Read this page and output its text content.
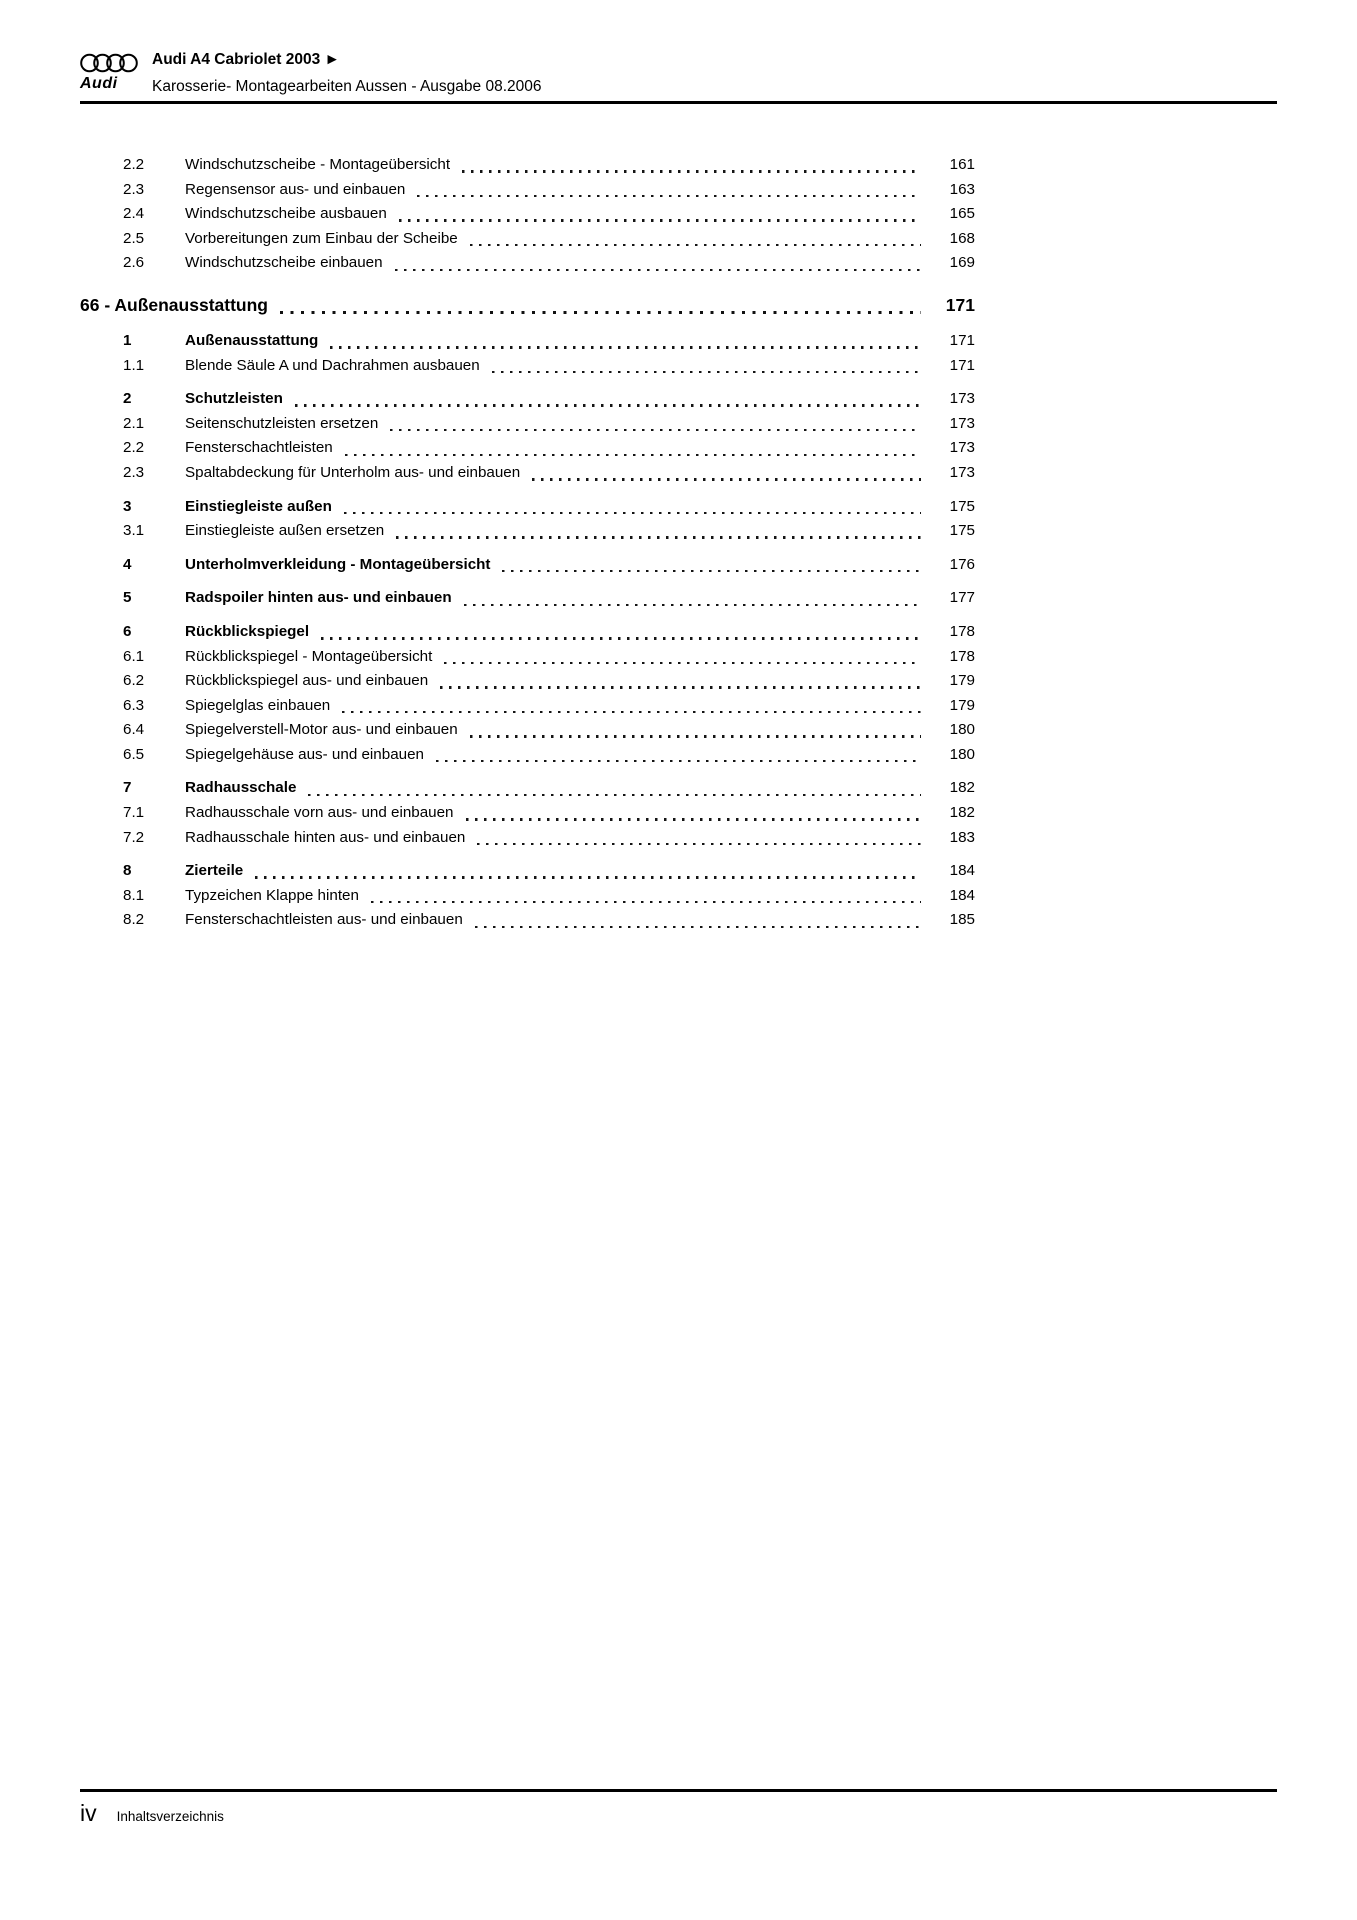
Audi
Audi A4 Cabriolet 2003 ►
Karosserie- Montagearbeiten Aussen - Ausgabe 08.2006
2.2	Windschutzscheibe - Montageübersicht	161
2.3	Regensensor aus- und einbauen	163
2.4	Windschutzscheibe ausbauen	165
2.5	Vorbereitungen zum Einbau der Scheibe	168
2.6	Windschutzscheibe einbauen	169
66 - Außenausstattung	171
1	Außenausstattung	171
1.1	Blende Säule A und Dachrahmen ausbauen	171
2	Schutzleisten	173
2.1	Seitenschutzleisten ersetzen	173
2.2	Fensterschachtleisten	173
2.3	Spaltabdeckung für Unterholm aus- und einbauen	173
3	Einstiegleiste außen	175
3.1	Einstiegleiste außen ersetzen	175
4	Unterholmverkleidung - Montageübersicht	176
5	Radspoiler hinten aus- und einbauen	177
6	Rückblickspiegel	178
6.1	Rückblickspiegel - Montageübersicht	178
6.2	Rückblickspiegel aus- und einbauen	179
6.3	Spiegelglas einbauen	179
6.4	Spiegelverstell-Motor aus- und einbauen	180
6.5	Spiegelgehäuse aus- und einbauen	180
7	Radhausschale	182
7.1	Radhausschale vorn aus- und einbauen	182
7.2	Radhausschale hinten aus- und einbauen	183
8	Zierteile	184
8.1	Typzeichen Klappe hinten	184
8.2	Fensterschachtleisten aus- und einbauen	185
iv Inhaltsverzeichnis
